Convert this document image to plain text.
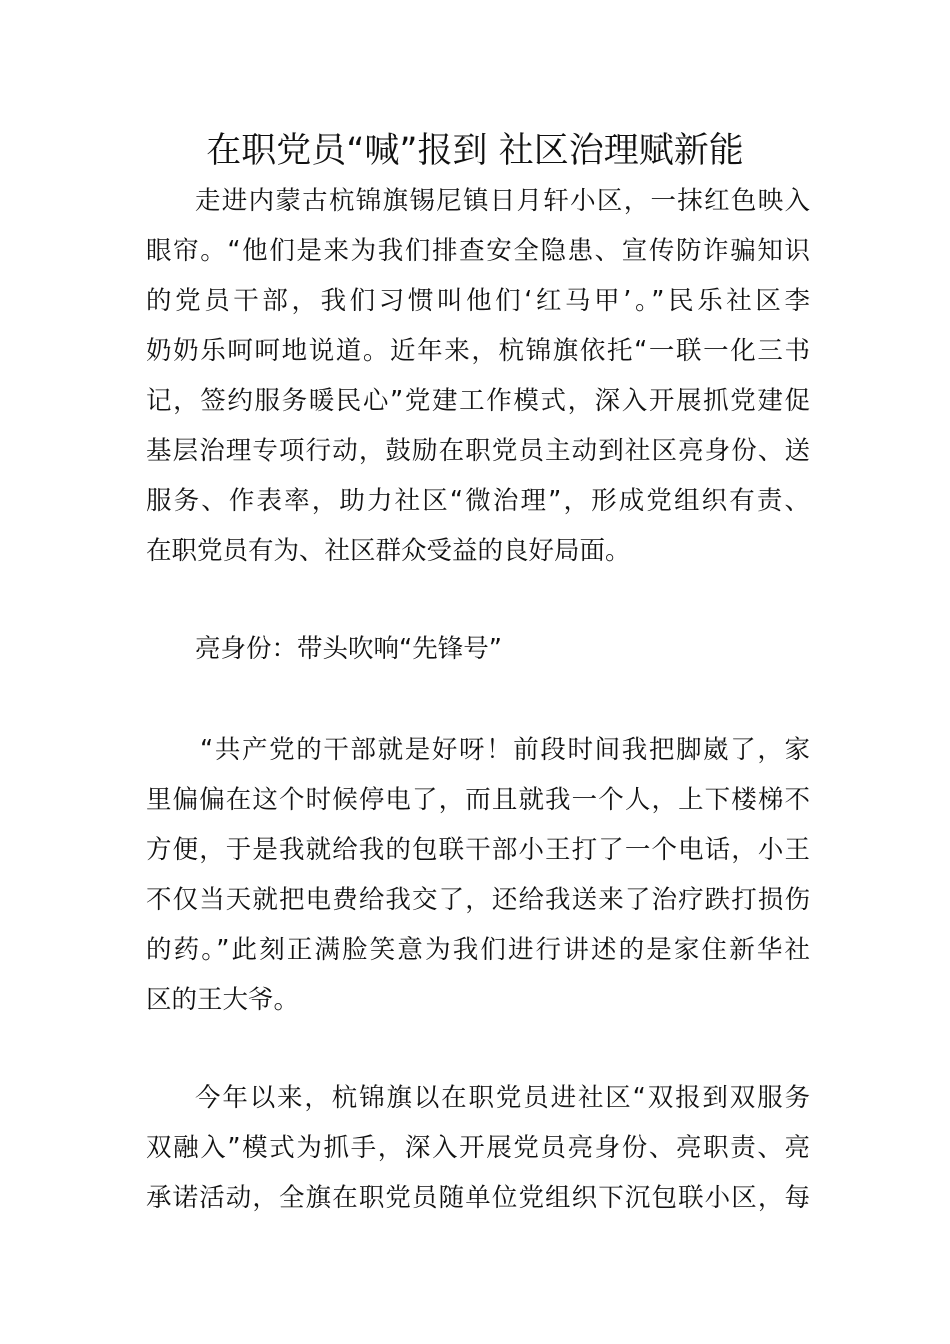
在职党员“喊”报到 社区治理赋新能

走进内蒙古杭锦旗锡尼镇日月轩小区，一抹红色映入

眼帘。“他们是来为我们排查安全隐患、宣传防诈骗知识

的党员干部，我们习惯叫他们‘红马甲’。”民乐社区李

奶奶乐呵呵地说道。近年来，杭锦旗依托“一联一化三书

记，签约服务暖民心”党建工作模式，深入开展抓党建促

基层治理专项行动，鼓励在职党员主动到社区亮身份、送

服务、作表率，助力社区“微治理”，形成党组织有责、

在职党员有为、社区群众受益的良好局面。

亮身份：带头吹响“先锋号”

“共产党的干部就是好呀！前段时间我把脚崴了，家

里偏偏在这个时候停电了，而且就我一个人，上下楼梯不

方便，于是我就给我的包联干部小王打了一个电话，小王

不仅当天就把电费给我交了，还给我送来了治疗跌打损伤

的药。”此刻正满脸笑意为我们进行讲述的是家住新华社

区的王大爷。

今年以来，杭锦旗以在职党员进社区“双报到双服务

双融入”模式为抓手，深入开展党员亮身份、亮职责、亮

承诺活动，全旗在职党员随单位党组织下沉包联小区，每
